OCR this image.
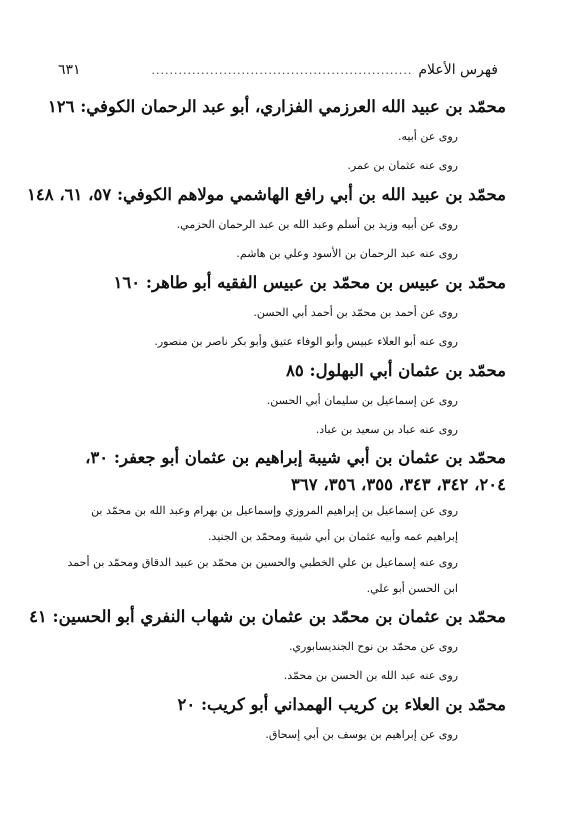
فهرس الأعلام
..........................................................
٦٣١

محمّد بن عبيد الله العرزمي الفزاري، أبو عبد الرحمان الكوفي: ١٢٦

روى عن أبيه.

روى عنه عثمان بن عمر.

محمّد بن عبيد الله بن أبي رافع الهاشمي مولاهم الكوفي: ٥٧، ٦١، ١٤٨

روى عن أبيه وزيد بن أسلم وعبد الله بن عبد الرحمان الحزمي.

روى عنه عبد الرحمان بن الأسود وعلي بن هاشم.

محمّد بن عبيس بن محمّد بن عبيس الفقيه أبو طاهر: ١٦٠

روى عن أحمد بن محمّد بن أحمد أبي الحسن.

روى عنه أبو العلاء عبيس وأبو الوفاء عتيق وأبو بكر ناصر بن منصور.

محمّد بن عثمان أبي البهلول: ٨٥

روى عن إسماعيل بن سليمان أبي الحسن.

روى عنه عباد بن سعيد بن عباد.

محمّد بن عثمان بن أبي شيبة إبراهيم بن عثمان أبو جعفر: ٣٠، ٢٠٤، ٣٤٢، ٣٤٣، ٣٥٥، ٣٥٦، ٣٦٧

روى عن إسماعيل بن إبراهيم المروزي وإسماعيل بن بهرام وعبد الله بن محمّد بن إبراهيم عمه وأبيه عثمان بن أبي شيبة ومحمّد بن الجنيد.

روى عنه إسماعيل بن علي الخطبي والحسين بن محمّد بن عبيد الدقاق ومحمّد بن أحمد ابن الحسن أبو علي.

محمّد بن عثمان بن محمّد بن عثمان بن شهاب النفري أبو الحسين: ٤١

روى عن محمّد بن نوح الجنديسابوري.

روى عنه عبد الله بن الحسن بن محمّد.

محمّد بن العلاء بن كريب الهمداني أبو كريب: ٢٠

روى عن إبراهيم بن يوسف بن أبي إسحاق.
